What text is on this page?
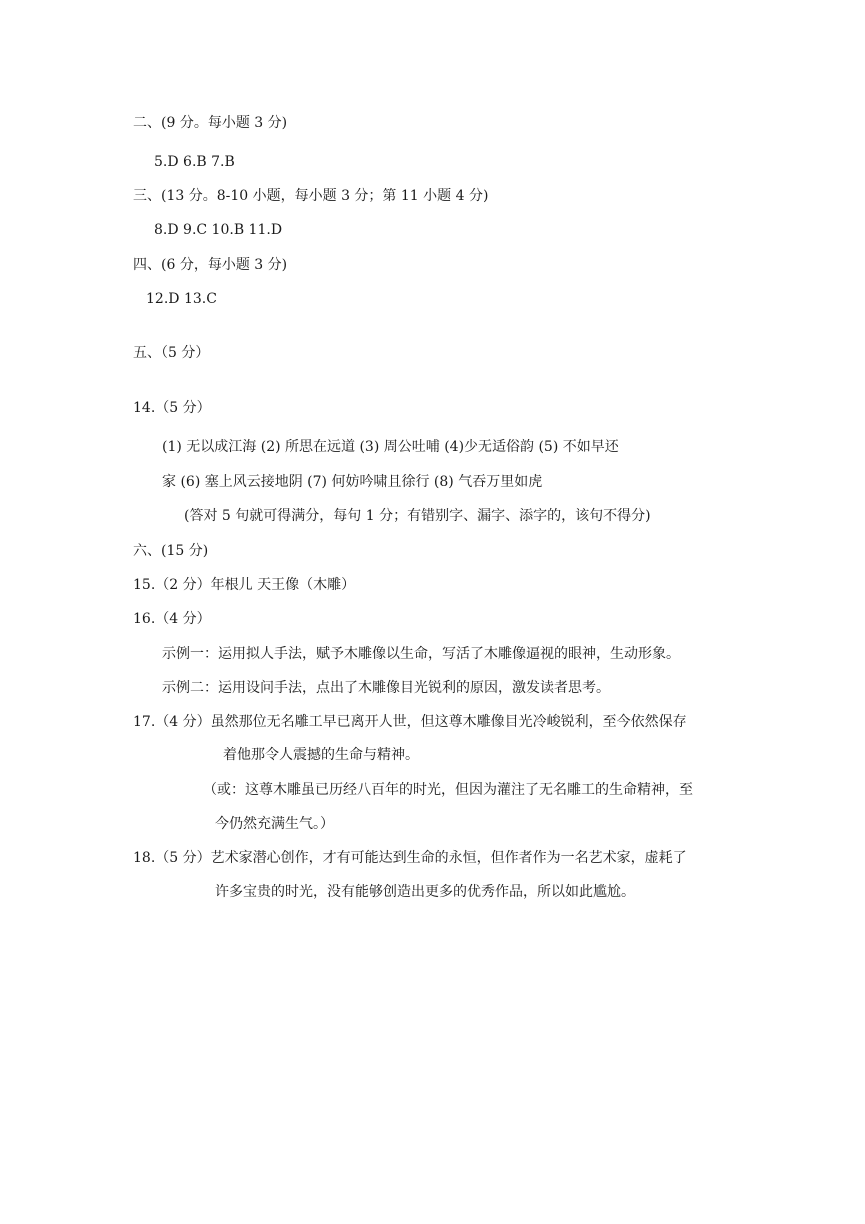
二、(9 分。每小题 3 分)
5.D 6.B 7.B
三、(13 分。8-10 小题，每小题 3 分；第 11 小题 4 分)
8.D 9.C 10.B 11.D
四、(6 分，每小题 3 分)
12.D 13.C
五、（5 分）
14.（5 分）
(1) 无以成江海 (2) 所思在远道 (3) 周公吐哺 (4)少无适俗韵 (5) 不如早还
家 (6) 塞上风云接地阴 (7) 何妨吟啸且徐行 (8) 气吞万里如虎
(答对 5 句就可得满分，每句 1 分；有错别字、漏字、添字的，该句不得分)
六、(15 分)
15.（2 分）年根儿 天王像（木雕）
16.（4 分）
示例一：运用拟人手法，赋予木雕像以生命，写活了木雕像逼视的眼神，生动形象。
示例二：运用设问手法，点出了木雕像目光锐利的原因，激发读者思考。
17.（4 分）虽然那位无名雕工早已离开人世，但这尊木雕像目光冷峻锐利，至今依然保存
着他那令人震撼的生命与精神。
（或：这尊木雕虽已历经八百年的时光，但因为灌注了无名雕工的生命精神，至
今仍然充满生气。）
18.（5 分）艺术家潜心创作，才有可能达到生命的永恒，但作者作为一名艺术家，虚耗了
许多宝贵的时光，没有能够创造出更多的优秀作品，所以如此尴尬。
